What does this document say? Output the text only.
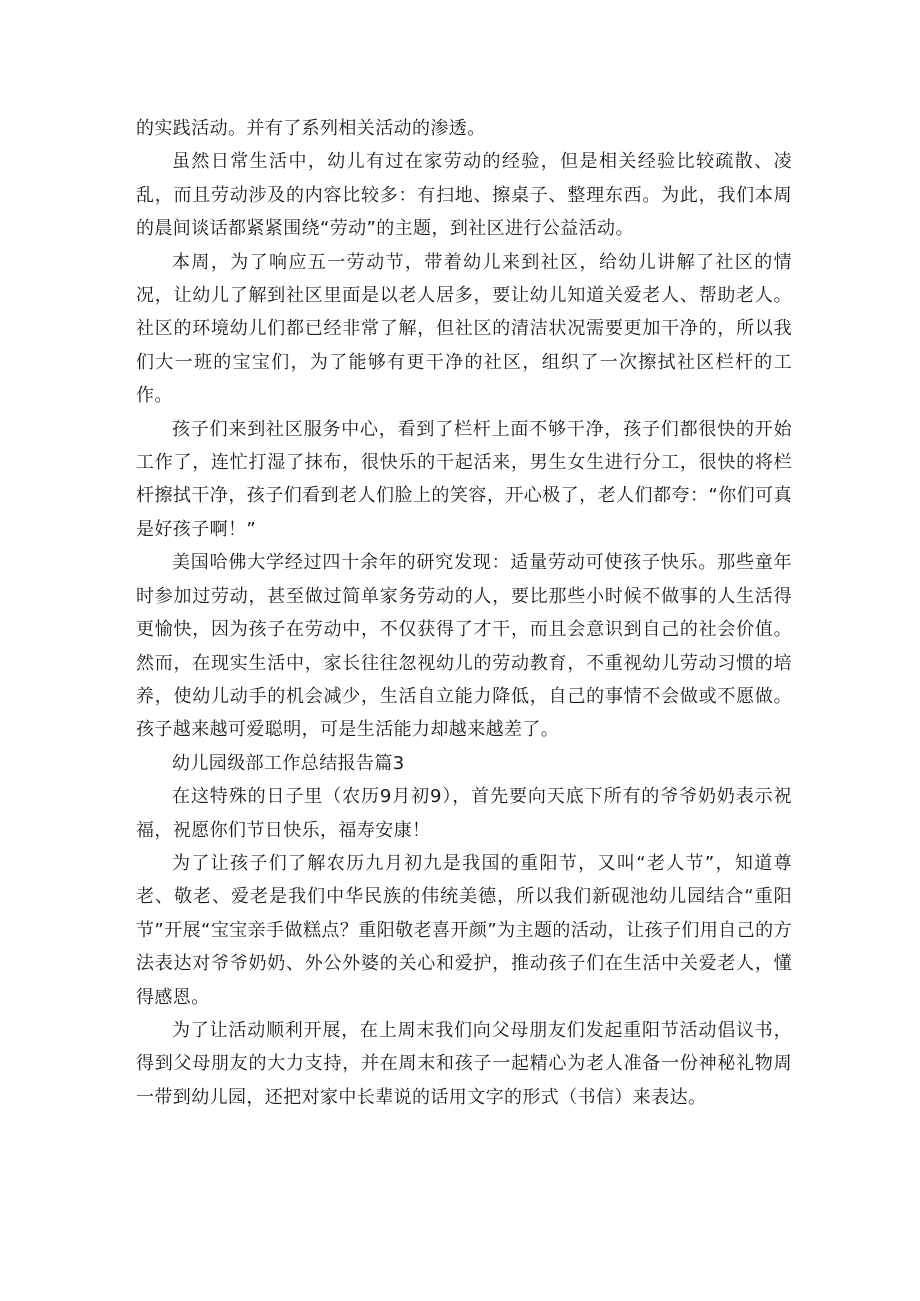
的实践活动。并有了系列相关活动的渗透。

虽然日常生活中，幼儿有过在家劳动的经验，但是相关经验比较疏散、凌乱，而且劳动涉及的内容比较多：有扫地、擦桌子、整理东西。为此，我们本周的晨间谈话都紧紧围绕“劳动”的主题，到社区进行公益活动。

本周，为了响应五一劳动节，带着幼儿来到社区，给幼儿讲解了社区的情况，让幼儿了解到社区里面是以老人居多，要让幼儿知道关爱老人、帮助老人。社区的环境幼儿们都已经非常了解，但社区的清洁状况需要更加干净的，所以我们大一班的宝宝们，为了能够有更干净的社区，组织了一次擦拭社区栏杆的工作。

孩子们来到社区服务中心，看到了栏杆上面不够干净，孩子们都很快的开始工作了，连忙打湿了抹布，很快乐的干起活来，男生女生进行分工，很快的将栏杆擦拭干净，孩子们看到老人们脸上的笑容，开心极了，老人们都夸：“你们可真是好孩子啊！”

美国哈佛大学经过四十余年的研究发现：适量劳动可使孩子快乐。那些童年时参加过劳动，甚至做过简单家务劳动的人，要比那些小时候不做事的人生活得更愉快，因为孩子在劳动中，不仅获得了才干，而且会意识到自己的社会价值。然而，在现实生活中，家长往往忽视幼儿的劳动教育，不重视幼儿劳动习惯的培养，使幼儿动手的机会减少，生活自立能力降低，自己的事情不会做或不愿做。孩子越来越可爱聪明，可是生活能力却越来越差了。

幼儿园级部工作总结报告篇3

在这特殊的日子里（农历9月初9），首先要向天底下所有的爷爷奶奶表示祝福，祝愿你们节日快乐，福寿安康！

为了让孩子们了解农历九月初九是我国的重阳节，又叫“老人节”，知道尊老、敬老、爱老是我们中华民族的伟统美德，所以我们新砚池幼儿园结合“重阳节”开展“宝宝亲手做糕点？重阳敬老喜开颜”为主题的活动，让孩子们用自己的方法表达对爷爷奶奶、外公外婆的关心和爱护，推动孩子们在生活中关爱老人，懂得感恩。

为了让活动顺利开展，在上周末我们向父母朋友们发起重阳节活动倡议书，得到父母朋友的大力支持，并在周末和孩子一起精心为老人准备一份神秘礼物周一带到幼儿园，还把对家中长辈说的话用文字的形式（书信）来表达。
